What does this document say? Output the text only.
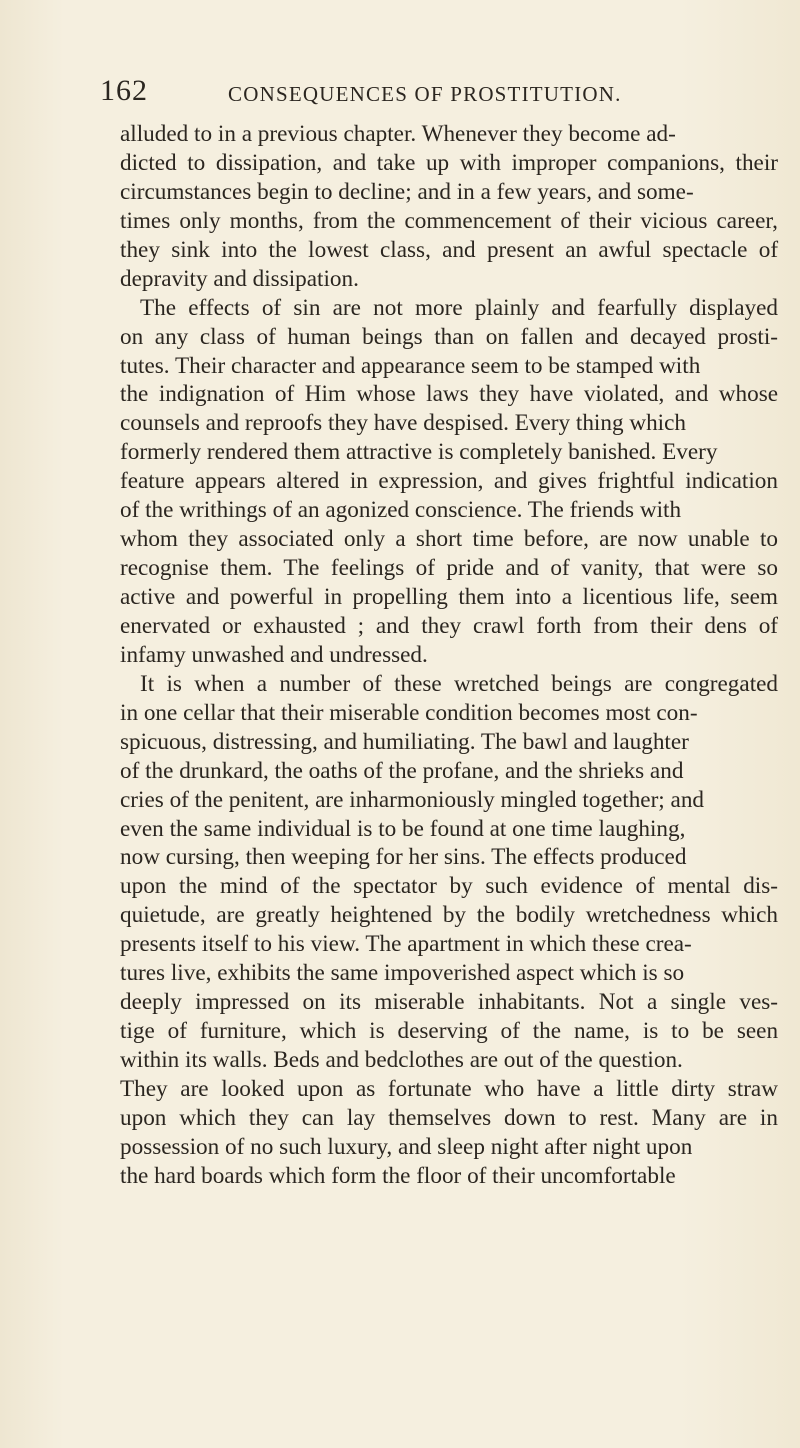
162	CONSEQUENCES OF PROSTITUTION.
alluded to in a previous chapter. Whenever they become ad-
dicted to dissipation, and take up with improper companions, their
circumstances begin to decline; and in a few years, and some-
times only months, from the commencement of their vicious career,
they sink into the lowest class, and present an awful spectacle of
depravity and dissipation.
The effects of sin are not more plainly and fearfully displayed
on any class of human beings than on fallen and decayed prosti-
tutes. Their character and appearance seem to be stamped with
the indignation of Him whose laws they have violated, and whose
counsels and reproofs they have despised. Every thing which
formerly rendered them attractive is completely banished. Every
feature appears altered in expression, and gives frightful indication
of the writhings of an agonized conscience. The friends with
whom they associated only a short time before, are now unable to
recognise them. The feelings of pride and of vanity, that were so
active and powerful in propelling them into a licentious life, seem
enervated or exhausted ; and they crawl forth from their dens of
infamy unwashed and undressed.
It is when a number of these wretched beings are congregated
in one cellar that their miserable condition becomes most con-
spicuous, distressing, and humiliating. The bawl and laughter
of the drunkard, the oaths of the profane, and the shrieks and
cries of the penitent, are inharmoniously mingled together; and
even the same individual is to be found at one time laughing,
now cursing, then weeping for her sins. The effects produced
upon the mind of the spectator by such evidence of mental dis-
quietude, are greatly heightened by the bodily wretchedness which
presents itself to his view. The apartment in which these crea-
tures live, exhibits the same impoverished aspect which is so
deeply impressed on its miserable inhabitants. Not a single ves-
tige of furniture, which is deserving of the name, is to be seen
within its walls. Beds and bedclothes are out of the question.
They are looked upon as fortunate who have a little dirty straw
upon which they can lay themselves down to rest. Many are in
possession of no such luxury, and sleep night after night upon
the hard boards which form the floor of their uncomfortable
